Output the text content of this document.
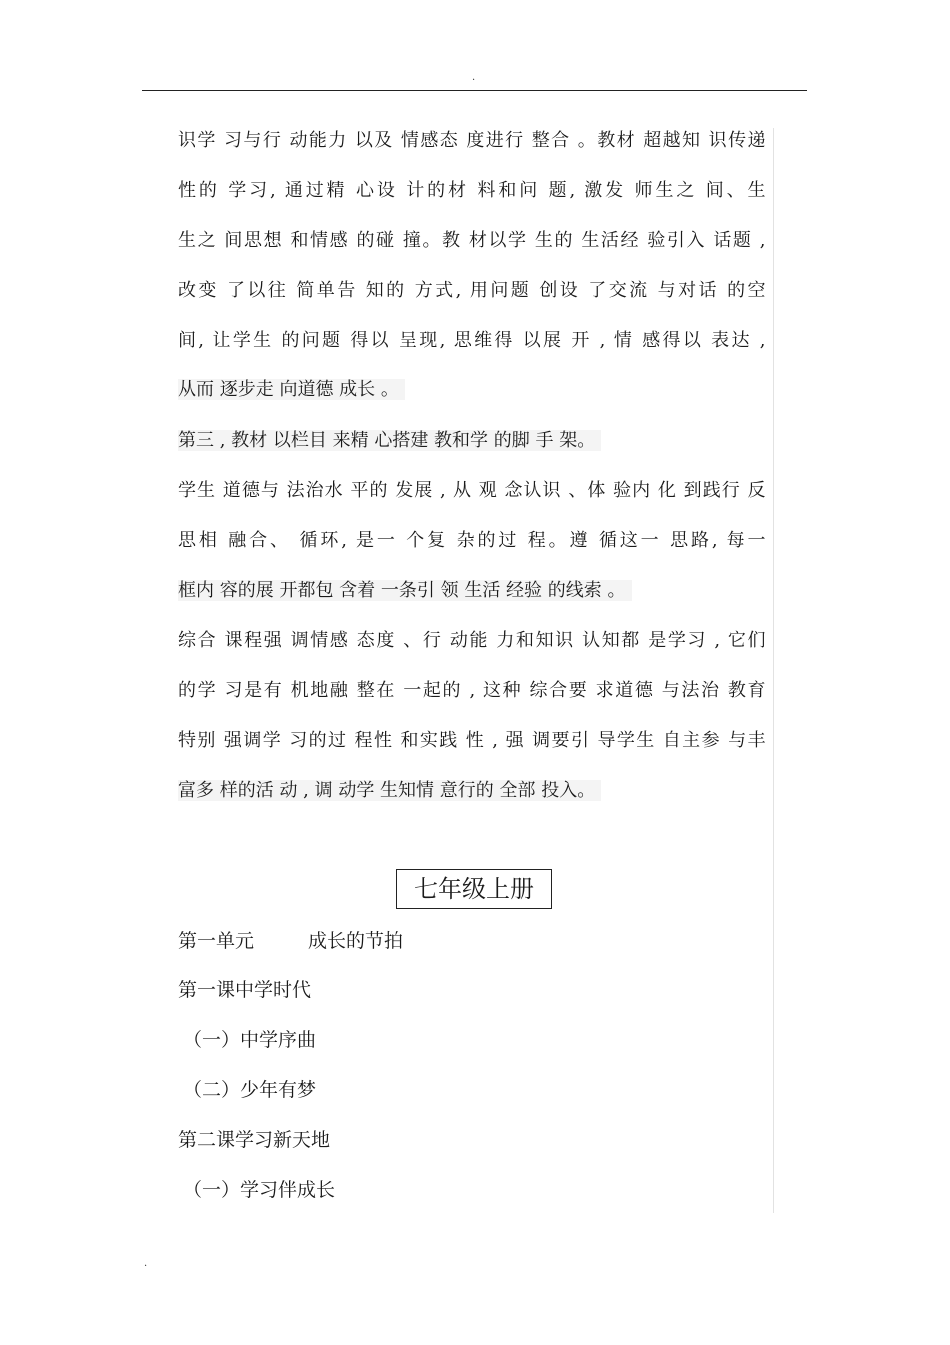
.
识学 习与行 动能力 以及 情感态 度进行 整合 。教材 超越知 识传递
性的 学习, 通过精 心设 计的材 料和问 题, 激发 师生之 间、生
生之 间思想 和情感 的碰 撞。教 材以学 生的 生活经 验引入 话题 ,
改变 了以往 简单告 知的 方式, 用问题 创设 了交流 与对话 的空
间, 让学生 的问题 得以 呈现, 思维得 以展 开 , 情 感得以 表达 ,
从而 逐步走 向道德 成长 。
第三 , 教材 以栏目 来精 心搭建 教和学 的脚 手 架。
学生 道德与 法治水 平的 发展 , 从 观 念认识 、体 验内 化 到践行 反
思相 融合、 循环, 是一 个复 杂的过 程。遵 循这一 思路, 每一
框内 容的展 开都包 含着 一条引 领 生活 经验 的线索 。
综合 课程强 调情感 态度 、行 动能 力和知识 认知都 是学习 , 它们
的学 习是有 机地融 整在 一起的 , 这种 综合要 求道德 与法治 教育
特别 强调学 习的过 程性 和实践 性 , 强 调要引 导学生 自主参 与丰
富多 样的活 动 , 调 动学 生知情 意行的 全部 投入。
七年级上册
第一单元	成长的节拍
第一课中学时代
（一）中学序曲
（二）少年有梦
第二课学习新天地
（一）学习伴成长
.
